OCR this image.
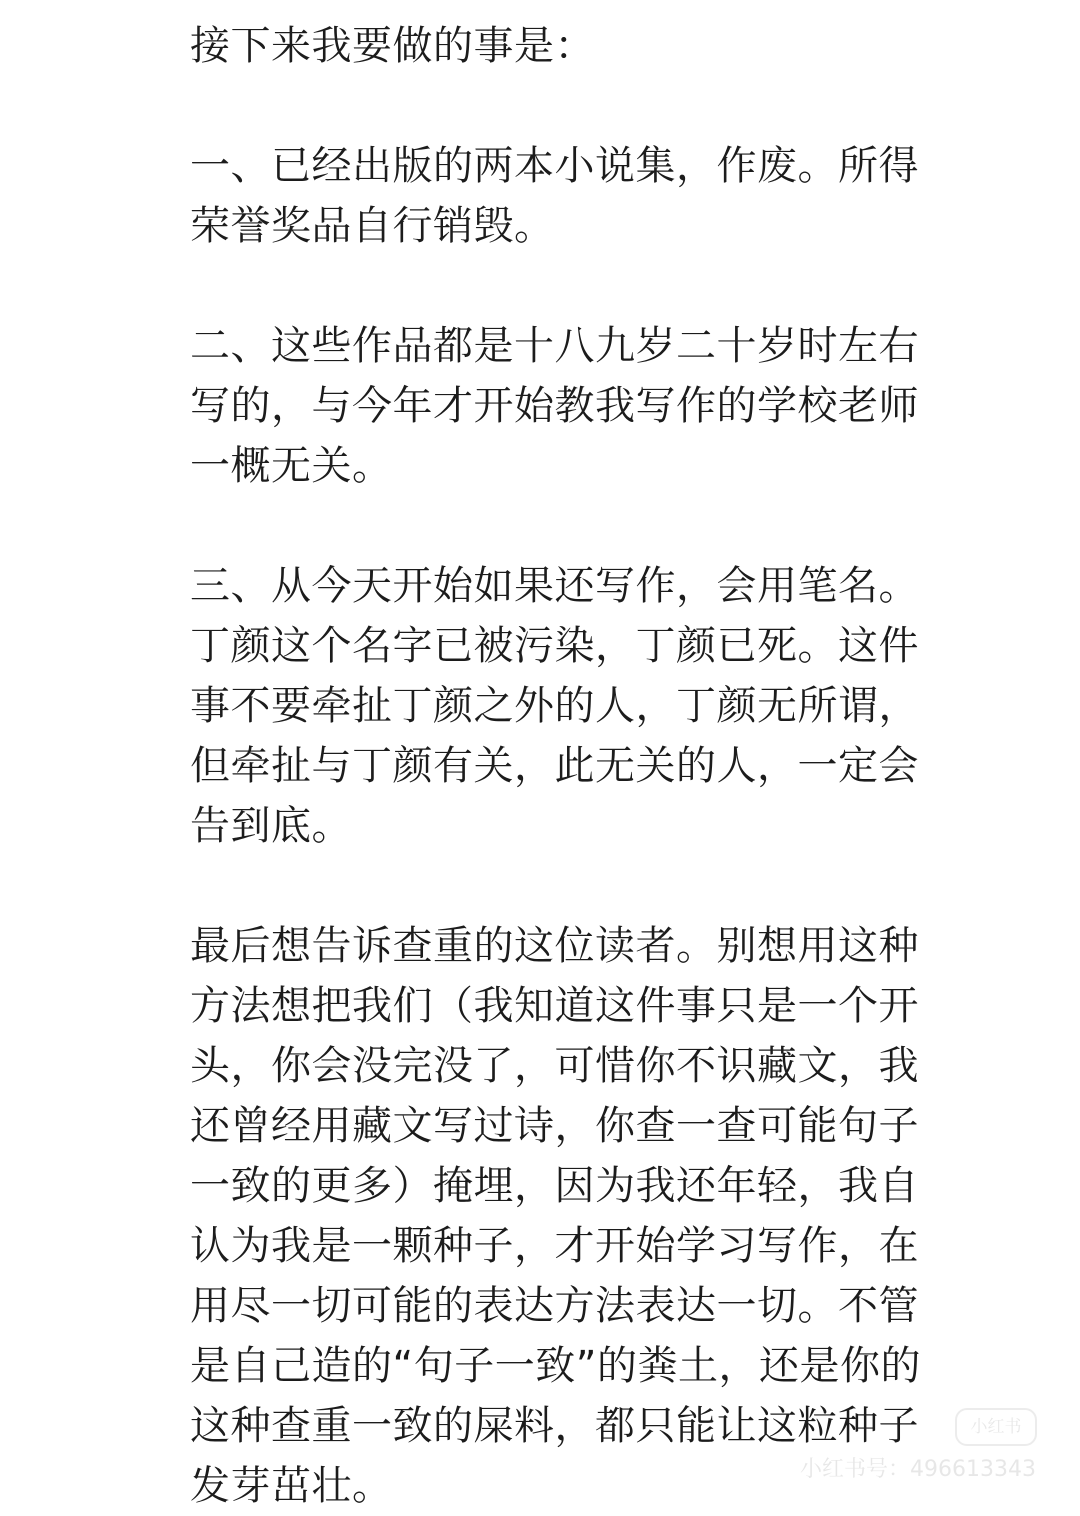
接下来我要做的事是：
一、已经出版的两本小说集，作废。所得
荣誉奖品自行销毁。
二、这些作品都是十八九岁二十岁时左右
写的，与今年才开始教我写作的学校老师
一概无关。
三、从今天开始如果还写作，会用笔名。
丁颜这个名字已被污染，丁颜已死。这件
事不要牵扯丁颜之外的人，丁颜无所谓，
但牵扯与丁颜有关，此无关的人，一定会
告到底。
最后想告诉查重的这位读者。别想用这种
方法想把我们（我知道这件事只是一个开
头，你会没完没了，可惜你不识藏文，我
还曾经用藏文写过诗，你查一查可能句子
一致的更多）掩埋，因为我还年轻，我自
认为我是一颗种子，才开始学习写作，在
用尽一切可能的表达方法表达一切。不管
是自己造的“句子一致”的粪土，还是你的
这种查重一致的屎料，都只能让这粒种子
发芽茁壮。
小红书
小红书号：496613343
